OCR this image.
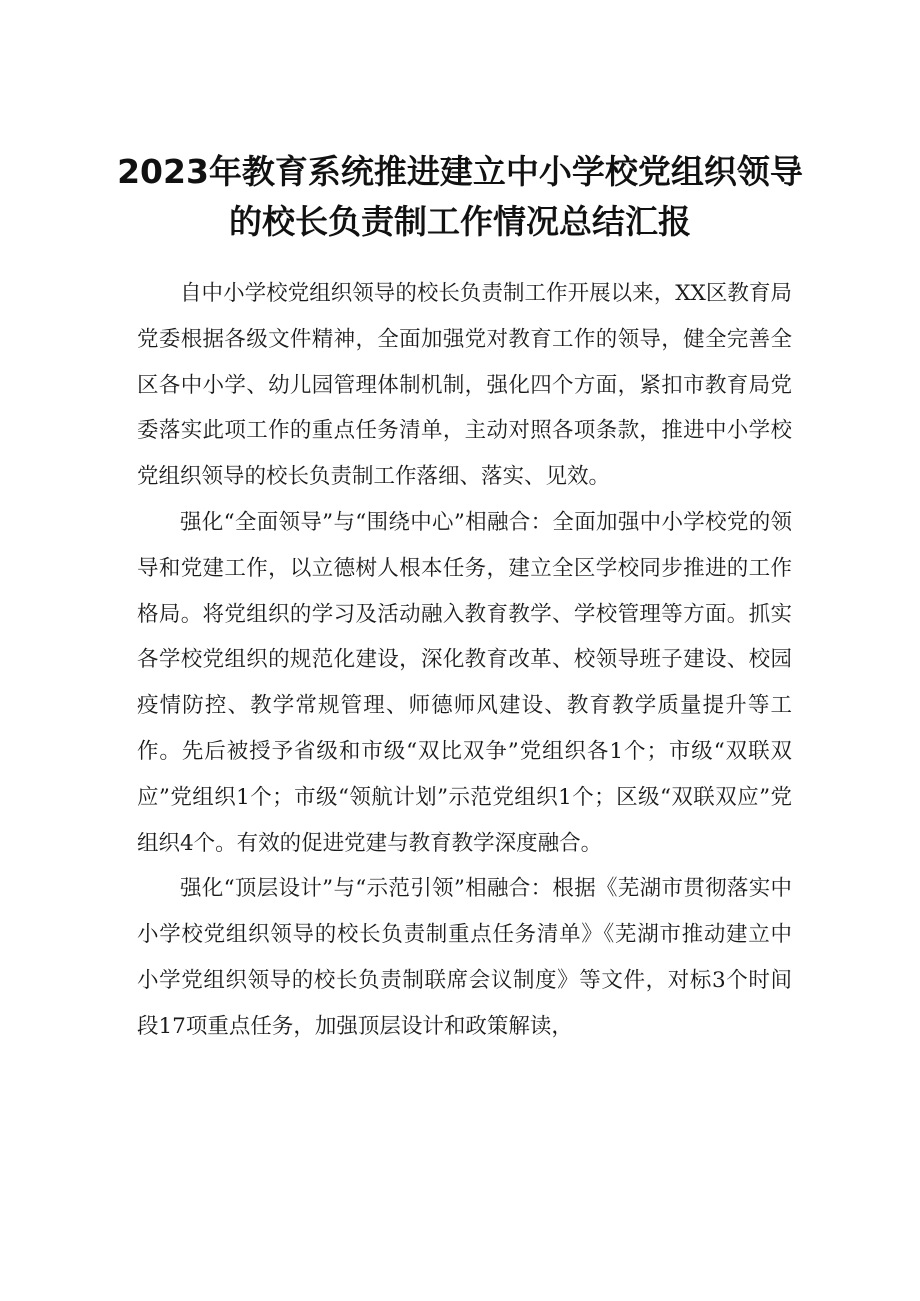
2023年教育系统推进建立中小学校党组织领导
的校长负责制工作情况总结汇报

自中小学校党组织领导的校长负责制工作开展以来，XX区教育局党委根据各级文件精神，全面加强党对教育工作的领导，健全完善全区各中小学、幼儿园管理体制机制，强化四个方面，紧扣市教育局党委落实此项工作的重点任务清单，主动对照各项条款，推进中小学校党组织领导的校长负责制工作落细、落实、见效。

强化“全面领导”与“围绕中心”相融合：全面加强中小学校党的领导和党建工作，以立德树人根本任务，建立全区学校同步推进的工作格局。将党组织的学习及活动融入教育教学、学校管理等方面。抓实各学校党组织的规范化建设，深化教育改革、校领导班子建设、校园疫情防控、教学常规管理、师德师风建设、教育教学质量提升等工作。先后被授予省级和市级“双比双争”党组织各1个；市级“双联双应”党组织1个；市级“领航计划”示范党组织1个；区级“双联双应”党组织4个。有效的促进党建与教育教学深度融合。

强化“顶层设计”与“示范引领”相融合：根据《芜湖市贯彻落实中小学校党组织领导的校长负责制重点任务清单》《芜湖市推动建立中小学党组织领导的校长负责制联席会议制度》等文件，对标3个时间段17项重点任务，加强顶层设计和政策解读，
